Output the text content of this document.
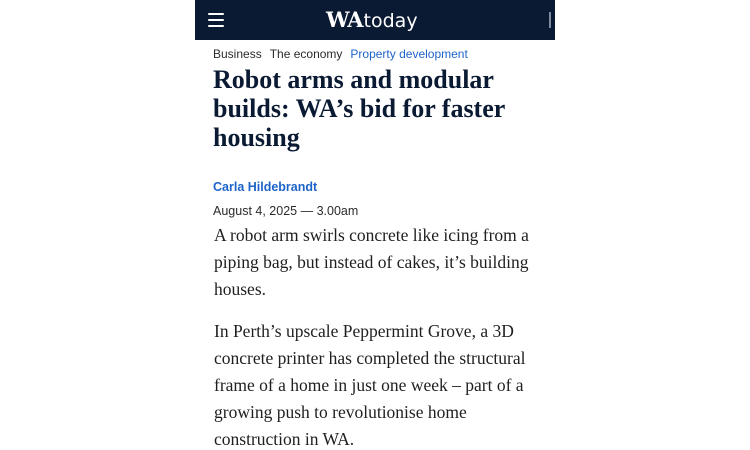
WAtoday
Business The economy Property development
Robot arms and modular builds: WA’s bid for faster housing
Carla Hildebrandt
August 4, 2025 — 3.00am

A robot arm swirls concrete like icing from a piping bag, but instead of cakes, it’s building houses.

In Perth’s upscale Peppermint Grove, a 3D concrete printer has completed the structural frame of a home in just one week – part of a growing push to revolutionise home construction in WA.
